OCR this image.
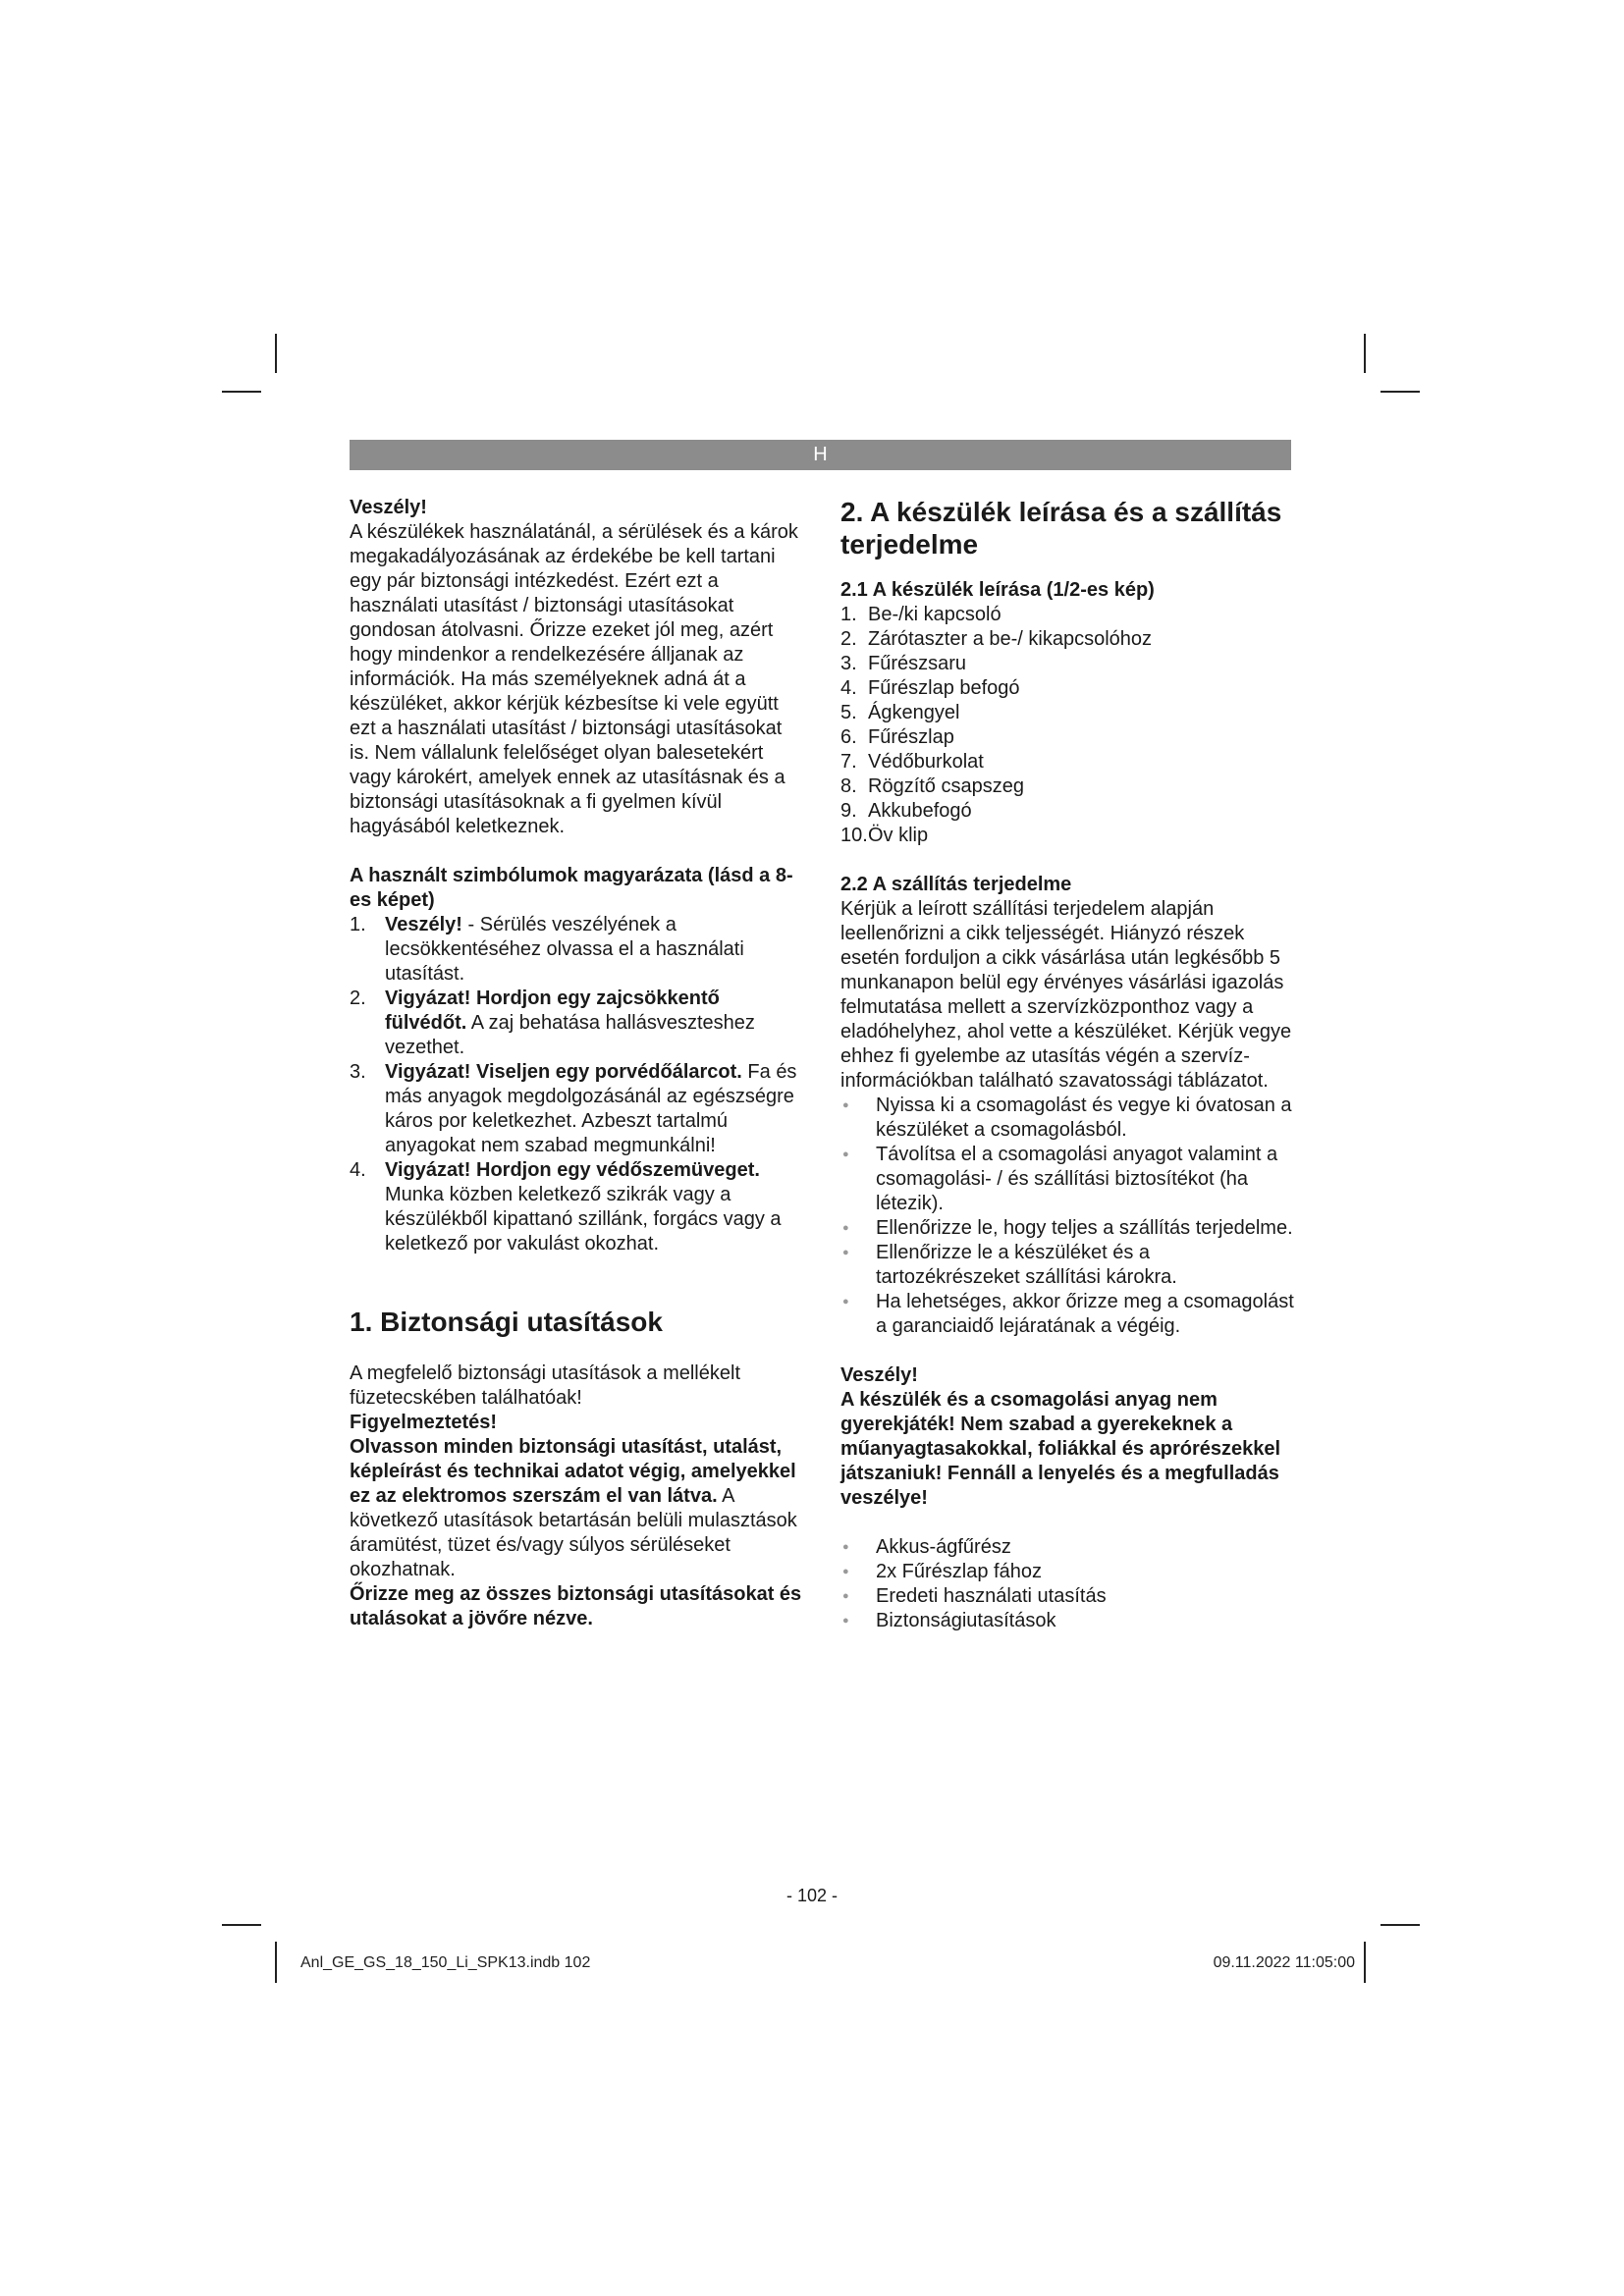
H

Veszély!

A készülékek használatánál, a sérülések és a károk megakadályozásának az érdekébe be kell tartani egy pár biztonsági intézkedést. Ezért ezt a használati utasítást / biztonsági utasításokat gondosan átolvasni. Őrizze ezeket jól meg, azért hogy mindenkor a rendelkezésére álljanak az információk. Ha más személyeknek adná át a készüléket, akkor kérjük kézbesítse ki vele együtt ezt a használati utasítást / biztonsági utasításokat is. Nem vállalunk felelőséget olyan balesetekért vagy károkért, amelyek ennek az utasításnak és a biztonsági utasításoknak a fi gyelmen kívül hagyásából keletkeznek.

A használt szimbólumok magyarázata (lásd a 8-es képet)

1. Veszély! - Sérülés veszélyének a lecsökkentéséhez olvassa el a használati utasítást.
2. Vigyázat! Hordjon egy zajcsökkentő fülvédőt. A zaj behatása hallásveszteshez vezethet.
3. Vigyázat! Viseljen egy porvédőálarcot. Fa és más anyagok megdolgozásánál az egészségre káros por keletkezhet. Azbeszt tartalmú anyagokat nem szabad megmunkálni!
4. Vigyázat! Hordjon egy védőszemüveget. Munka közben keletkező szikrák vagy a készülékből kipattanó szillánk, forgács vagy a keletkező por vakulást okozhat.

1. Biztonsági utasítások

A megfelelő biztonsági utasítások a mellékelt füzetecskében találhatóak!

Figyelmeztetés!

Olvasson minden biztonsági utasítást, utalást, képleírást és technikai adatot végig, amelyekkel ez az elektromos szerszám el van látva. A következő utasítások betartásán belüli mulasztások áramütést, tüzet és/vagy súlyos sérüléseket okozhatnak.

Őrizze meg az összes biztonsági utasításokat és utalásokat a jövőre nézve.

2. A készülék leírása és a szállítás terjedelme

2.1 A készülék leírása (1/2-es kép)

1. Be-/ki kapcsoló
2. Zárótaszter a be-/ kikapcsolóhoz
3. Fűrészsaru
4. Fűrészlap befogó
5. Ágkengyel
6. Fűrészlap
7. Védőburkolat
8. Rögzítő csapszeg
9. Akkubefogó
10. Öv klip

2.2 A szállítás terjedelme

Kérjük a leírott szállítási terjedelem alapján leellenőrizni a cikk teljességét. Hiányzó részek esetén forduljon a cikk vásárlása után legkésőbb 5 munkanapon belül egy érvényes vásárlási igazolás felmutatása mellett a szervízközponthoz vagy a eladóhelyhez, ahol vette a készüléket. Kérjük vegye ehhez fi gyelembe az utasítás végén a szervíz-információkban található szavatossági táblázatot.

● Nyissa ki a csomagolást és vegye ki óvatosan a készüléket a csomagolásból.
● Távolítsa el a csomagolási anyagot valamint a csomagolási- / és szállítási biztosítékot (ha létezik).
● Ellenőrizze le, hogy teljes a szállítás terjedelme.
● Ellenőrizze le a készüléket és a tartozékrészeket szállítási károkra.
● Ha lehetséges, akkor őrizze meg a csomagolást a garanciaidő lejáratának a végéig.

Veszély!

A készülék és a csomagolási anyag nem gyerekjáték! Nem szabad a gyerekeknek a műanyagtasakokkal, foliákkal és aprórészekkel játszaniuk! Fennáll a lenyelés és a megfulladás veszélye!

● Akkus-ágfűrész
● 2x Fűrészlap fához
● Eredeti használati utasítás
● Biztonságiutasítások
- 102 -
Anl_GE_GS_18_150_Li_SPK13.indb 102	09.11.2022 11:05:00
